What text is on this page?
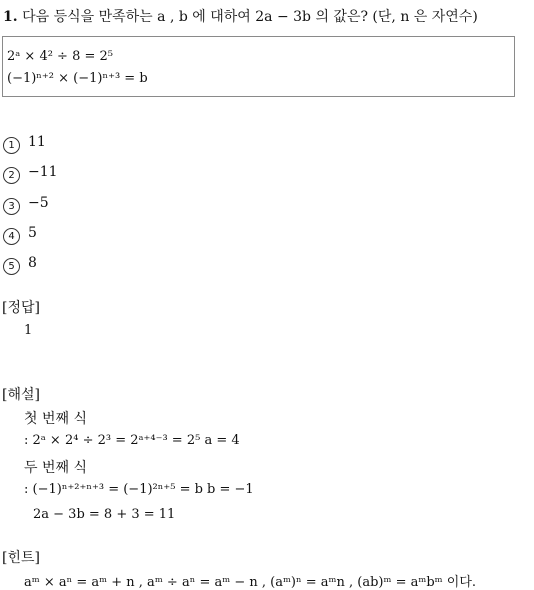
1. 다음 등식을 만족하는 a , b 에 대하여 2a − 3b 의 값은? (단, n 은 자연수)
2ᵃ × 4² ÷ 8 = 2⁵
(−1)ⁿ⁺² × (−1)ⁿ⁺³ = b
1 11
2 −11
3 −5
4 5
5 8
[정답]
1
[해설]
첫 번째 식
: 2ᵃ × 2⁴ ÷ 2³ = 2ᵃ⁺⁴⁻³ = 2⁵ a = 4
두 번째 식
: (−1)ⁿ⁺²⁺ⁿ⁺³ = (−1)²ⁿ⁺⁵ = b b = −1
2a − 3b = 8 + 3 = 11
[힌트]
aᵐ × aⁿ = aᵐ + n , aᵐ ÷ aⁿ = aᵐ − n , (aᵐ)ⁿ = aᵐn , (ab)ᵐ = aᵐbᵐ 이다.
